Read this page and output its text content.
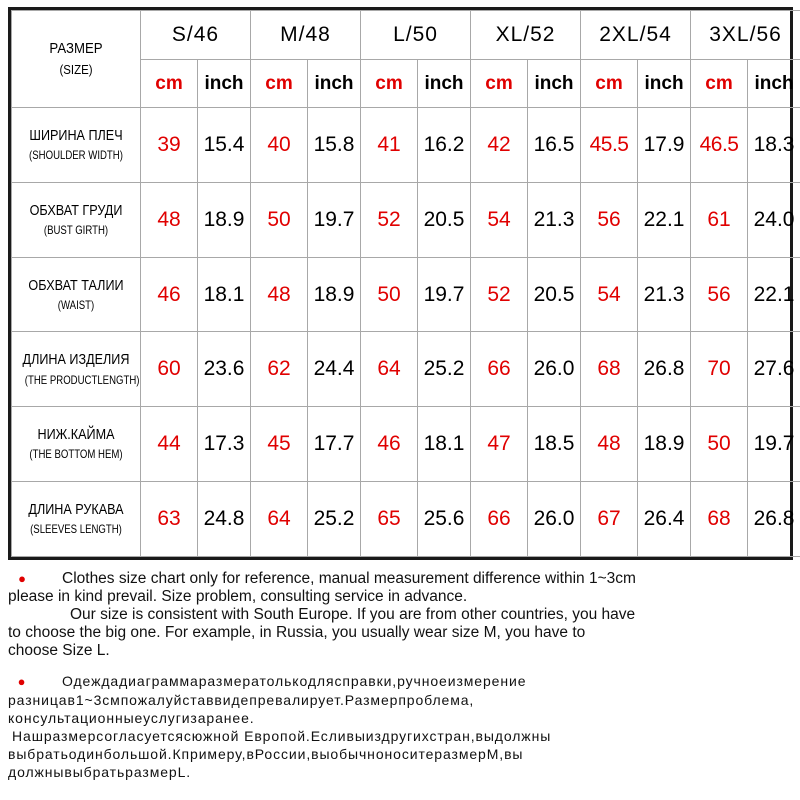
РАЗМЕР
(SIZE)	S/46		M/48		L/50		XL/52		2XL/54		3XL/56	
	cm	inch	cm	inch	cm	inch	cm	inch	cm	inch	cm	inch

ШИРИНА ПЛЕЧ
(SHOULDER WIDTH)	39	15.4	40	15.8	41	16.2	42	16.5	45.5	17.9	46.5	18.3

ОБХВАТ ГРУДИ
(BUST GIRTH)	48	18.9	50	19.7	52	20.5	54	21.3	56	22.1	61	24.0

ОБХВАТ ТАЛИИ
(WAIST)	46	18.1	48	18.9	50	19.7	52	20.5	54	21.3	56	22.1

ДЛИНА ИЗДЕЛИЯ
(THE PRODUCTLENGTH)	60	23.6	62	24.4	64	25.2	66	26.0	68	26.8	70	27.6

НИЖ.КАЙМА
(THE BOTTOM HEM)	44	17.3	45	17.7	46	18.1	47	18.5	48	18.9	50	19.7

ДЛИНА РУКАВА
(SLEEVES LENGTH)	63	24.8	64	25.2	65	25.6	66	26.0	67	26.4	68	26.8
● Clothes size chart only for reference, manual measurement difference within 1~3cm
please in kind prevail. Size problem, consulting service in advance.
Our size is consistent with South Europe. If you are from other countries, you have
to choose the big one. For example, in Russia, you usually wear size M, you have to
choose Size L.
●	Одеждадиаграммаразмератолькодляспр​авки,ручноеизмерение
разницав1~3смпожалуйставвидепревалирует.Размерпроблема,
консультационныеуслугизаранее.
Нашразмерсогласуетсясюжной Европой.Есливыиздругихстран,выдолжны
выбратьодинбольшой.Кпримеру,вРоссии,выобычноноситеразмерM,вы
должнывыбратьразмерL.
